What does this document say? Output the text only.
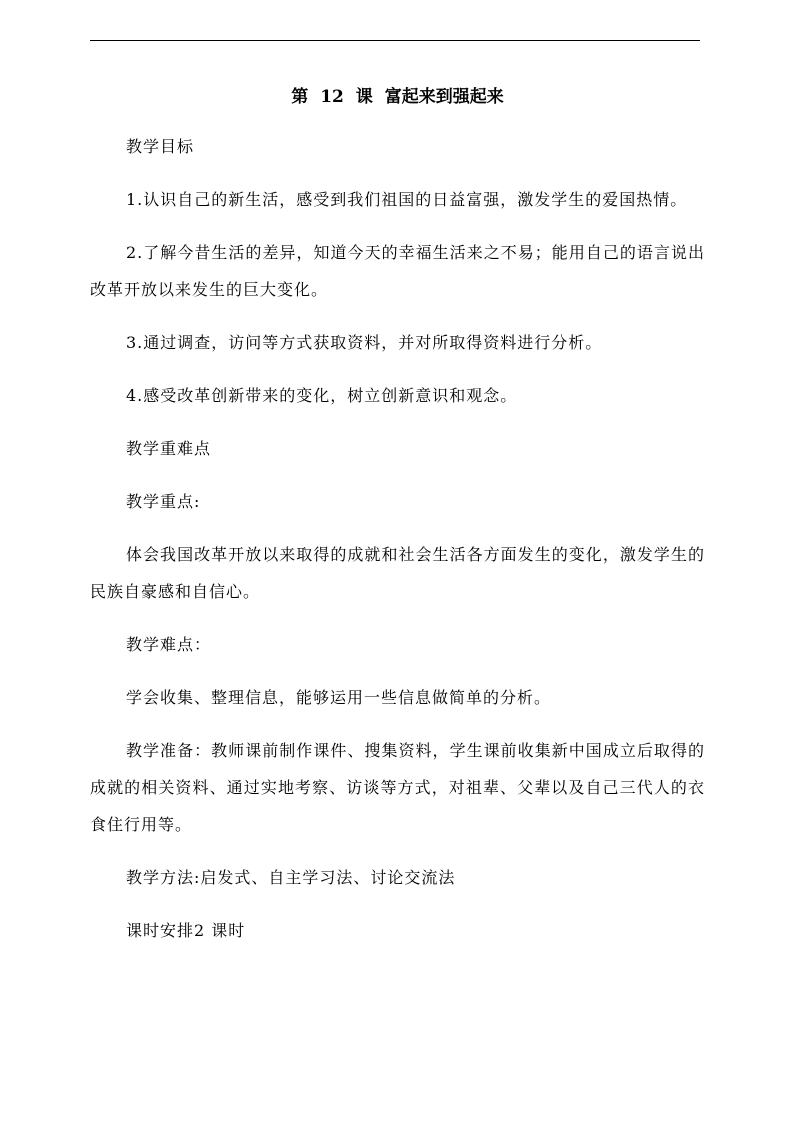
第 12 课 富起来到强起来

教学目标

1.认识自己的新生活，感受到我们祖国的日益富强，激发学生的爱国热情。

2.了解今昔生活的差异，知道今天的幸福生活来之不易；能用自己的语言说出改革开放以来发生的巨大变化。

3.通过调查，访问等方式获取资料，并对所取得资料进行分析。

4.感受改革创新带来的变化，树立创新意识和观念。

教学重难点

教学重点:

体会我国改革开放以来取得的成就和社会生活各方面发生的变化，激发学生的民族自豪感和自信心。

教学难点：

学会收集、整理信息，能够运用一些信息做简单的分析。

教学准备：教师课前制作课件、搜集资料，学生课前收集新中国成立后取得的成就的相关资料、通过实地考察、访谈等方式，对祖辈、父辈以及自己三代人的衣食住行用等。

教学方法:启发式、自主学习法、讨论交流法

课时安排2 课时
